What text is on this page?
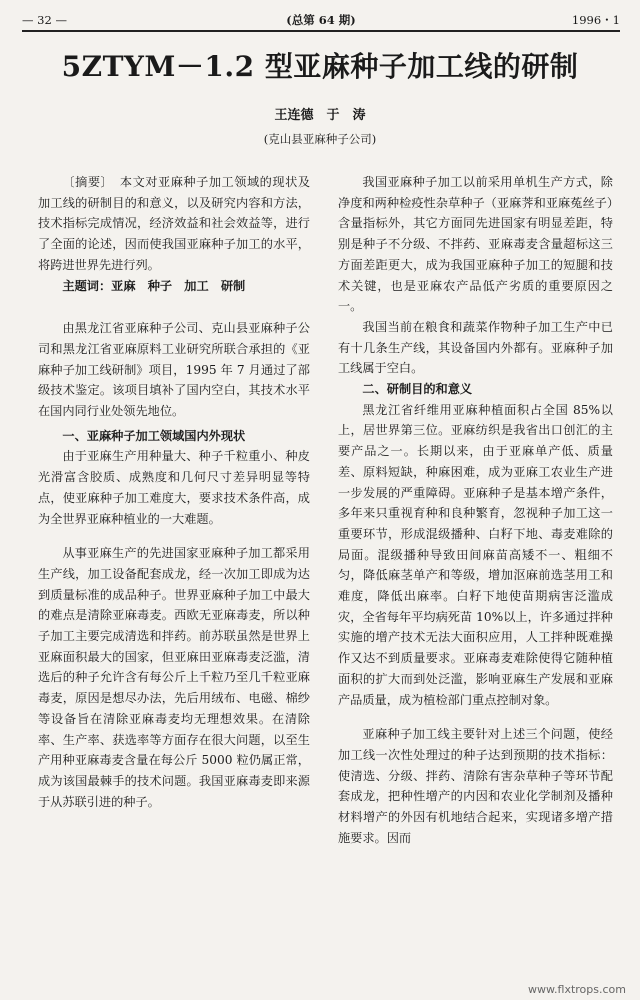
— 32 —	(总第 64 期)	1996・1
5ZTYM－1.2 型亚麻种子加工线的研制
王连德　于　涛
(克山县亚麻种子公司)

〔摘要〕　 本文对亚麻种子加工领域的现状及加工线的研制目的和意义，以及研究内容和方法，技术指标完成情况，经济效益和社会效益等，进行了全面的论述，因而使我国亚麻种子加工的水平，将跨进世界先进行列。

主题词：亚麻　种子　加工　研制

由黑龙江省亚麻种子公司、克山县亚麻种子公司和黑龙江省亚麻原料工业研究所联合承担的《亚麻种子加工线研制》项目，1995 年 7 月通过了部级技术鉴定。该项目填补了国内空白，其技术水平在国内同行业处领先地位。

一、亚麻种子加工领域国内外现状

由于亚麻生产用种量大、种子千粒重小、种皮光滑富含胶质、成熟度和几何尺寸差异明显等特点，使亚麻种子加工难度大，要求技术条件高，成为全世界亚麻种植业的一大难题。

从事亚麻生产的先进国家亚麻种子加工都采用生产线，加工设备配套成龙，经一次加工即成为达到质量标准的成品种子。世界亚麻种子加工中最大的难点是清除亚麻毒麦。西欧无亚麻毒麦，所以种子加工主要完成清选和拌药。前苏联虽然是世界上亚麻面积最大的国家，但亚麻田亚麻毒麦泛滥，清选后的种子允许含有每公斤上千粒乃至几千粒亚麻毒麦，原因是想尽办法，先后用绒布、电磁、棉纱等设备旨在清除亚麻毒麦均无理想效果。在清除率、生产率、获选率等方面存在很大问题，以至生产用种亚麻毒麦含量在每公斤 5000 粒仍属正常，成为该国最棘手的技术问题。我国亚麻毒麦即来源于从苏联引进的种子。

我国亚麻种子加工以前采用单机生产方式，除净度和两种检疫性杂草种子（亚麻荠和亚麻菟丝子）含量指标外，其它方面同先进国家有明显差距，特别是种子不分级、不拌药、亚麻毒麦含量超标这三方面差距更大，成为我国亚麻种子加工的短腿和技术关键，也是亚麻农产品低产劣质的重要原因之一。

我国当前在粮食和蔬菜作物种子加工生产中已有十几条生产线，其设备国内外都有。亚麻种子加工线属于空白。

二、研制目的和意义

黑龙江省纤维用亚麻种植面积占全国 85%以上，居世界第三位。亚麻纺织是我省出口创汇的主要产品之一。长期以来，由于亚麻单产低、质量差、原料短缺，种麻困难，成为亚麻工农业生产进一步发展的严重障碍。亚麻种子是基本增产条件，多年来只重视育种和良种繁育，忽视种子加工这一重要环节，形成混级播种、白籽下地、毒麦难除的局面。混级播种导致田间麻苗高矮不一、粗细不匀，降低麻茎单产和等级，增加沤麻前选茎用工和难度，降低出麻率。白籽下地使苗期病害泛滥成灾，全省每年平均病死苗 10%以上，许多通过拌种实施的增产技术无法大面积应用，人工拌种既难操作又达不到质量要求。亚麻毒麦难除使得它随种植面积的扩大而到处泛滥，影响亚麻生产发展和亚麻产品质量，成为植检部门重点控制对象。

亚麻种子加工线主要针对上述三个问题，使经加工线一次性处理过的种子达到预期的技术指标：使清选、分级、拌药、清除有害杂草种子等环节配套成龙，把种性增产的内因和农业化学制剂及播种材料增产的外因有机地结合起来，实现诸多增产措施要求。因而

www.flxtrops.com
